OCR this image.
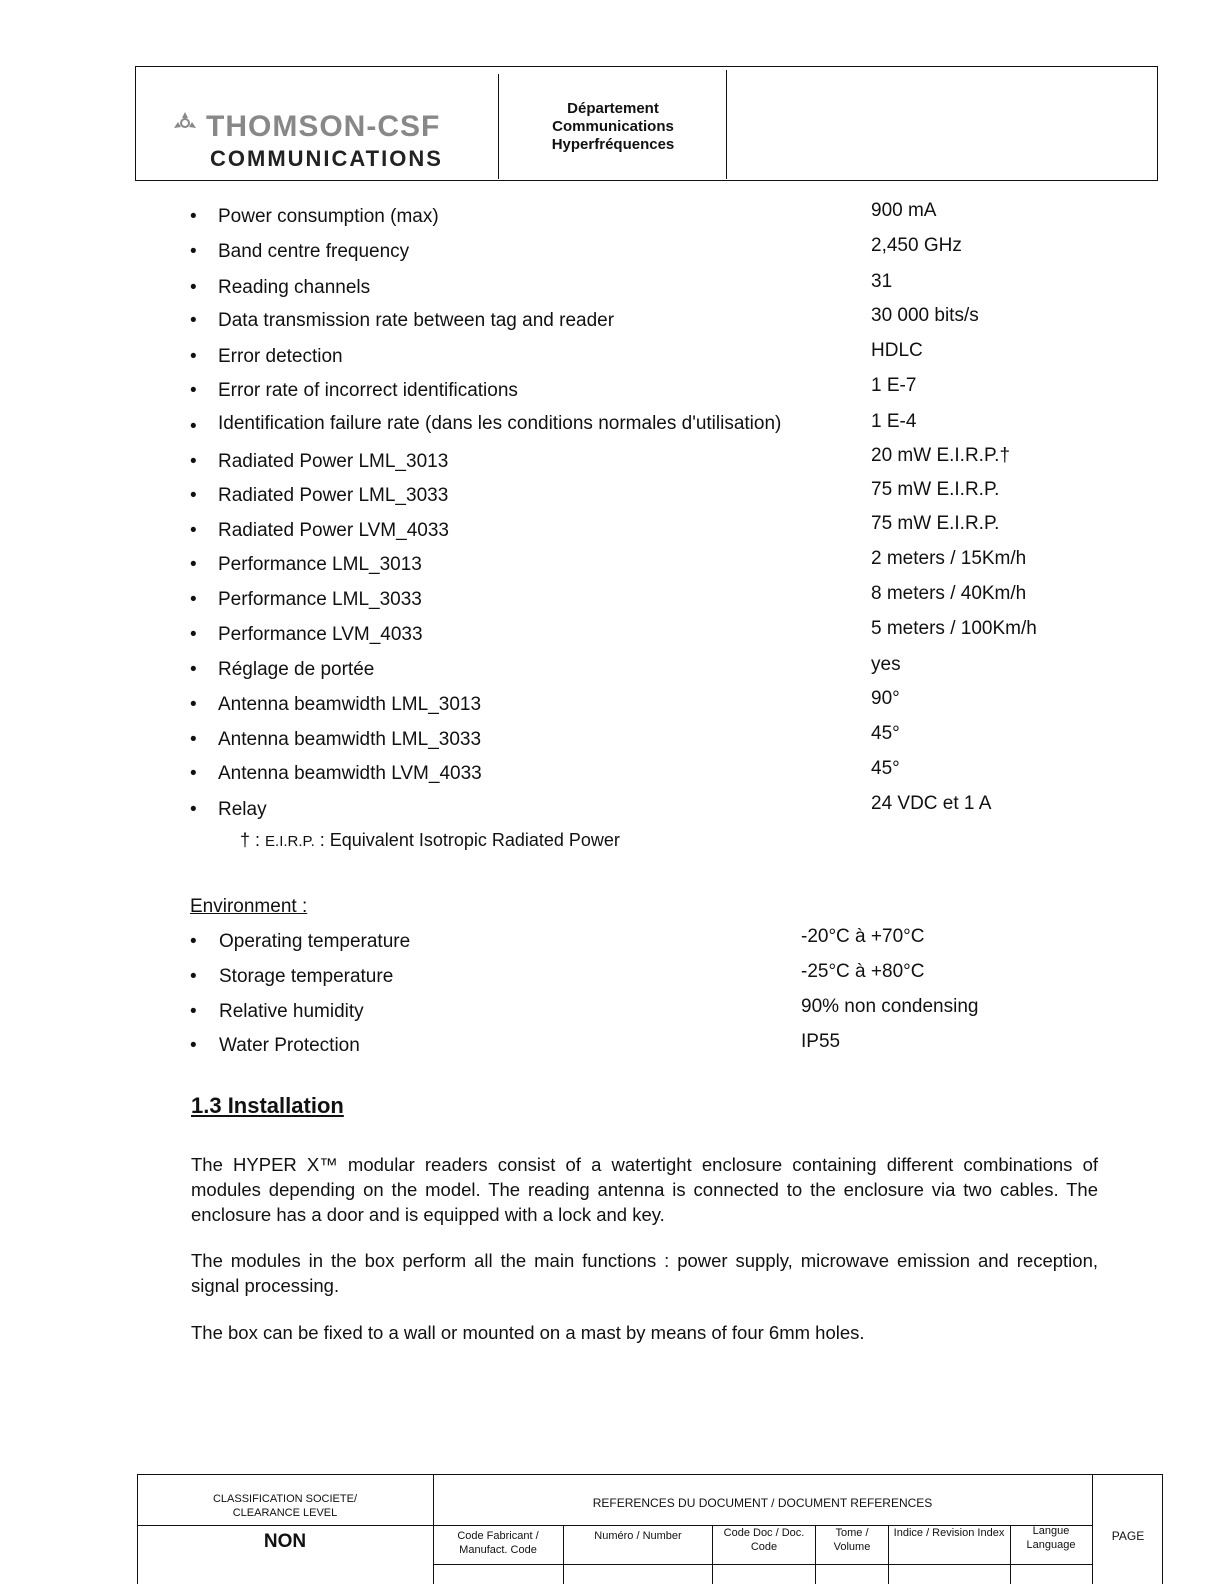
THOMSON-CSF
COMMUNICATIONS
Département
Communications
Hyperfréquences
• Power consumption (max)	900 mA
• Band centre frequency	2,450 GHz
• Reading channels	31
• Data transmission rate between tag and reader	30 000 bits/s
• Error detection	HDLC
• Error rate of incorrect identifications	1 E-7
• Identification failure rate (dans les conditions normales d'utilisation)	1 E-4
• Radiated Power LML_3013	20 mW E.I.R.P.†
• Radiated Power LML_3033	75 mW E.I.R.P.
• Radiated Power LVM_4033	75 mW E.I.R.P.
• Performance LML_3013	2 meters / 15Km/h
• Performance LML_3033	8 meters / 40Km/h
• Performance LVM_4033	5 meters / 100Km/h
• Réglage de portée	yes
• Antenna beamwidth LML_3013	90°
• Antenna beamwidth LML_3033	45°
• Antenna beamwidth LVM_4033	45°
• Relay	24 VDC et 1 A
† : E.I.R.P. : Equivalent Isotropic Radiated Power
Environment :
• Operating temperature	-20°C à +70°C
• Storage temperature	-25°C à +80°C
• Relative humidity	90% non condensing
• Water Protection	IP55
1.3 Installation
The HYPER X™ modular readers consist of a watertight enclosure containing different combinations of modules depending on the model. The reading antenna is connected to the enclosure via two cables. The enclosure has a door and is equipped with a lock and key.
The modules in the box perform all the main functions : power supply, microwave emission and reception, signal processing.
The box can be fixed to a wall or mounted on a mast by means of four 6mm holes.
CLASSIFICATION SOCIETE/ CLEARANCE LEVEL
NON
REFERENCES DU DOCUMENT / DOCUMENT REFERENCES
Code Fabricant / Manufact. Code
Numéro / Number	Code Doc / Doc. Code
Tome / Volume
Indice / Revision Index	Langue Language
PAGE
